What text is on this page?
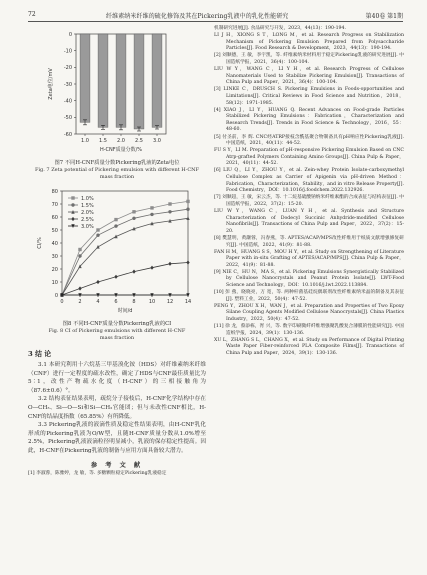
72	纤维素纳米纤维的硫化修饰及其在Pickering乳液中的乳化性能研究	第40卷 第1期
0
-10
-20
-30
-40
-50
-60
1.0 1.5 2.0 2.5 3.0
H-CNF质量分数/%
Zeta电位/mV
图7 不同H-CNF质量分数Pickering乳液的Zeta电位
Fig. 7 Zeta potential of Pickering emulsion with different H-CNF
mass fraction
0
10
20
30
40
50
60
70
80
0	2	4	6	8	10 12 14
1.0%
1.5%
2.0%
2.5%
3.0%
时间/d
CI/%
图8 不同H-CNF质量分数Pickering乳液的CI
Fig. 8 CI of Pickering emulsions with different H-CNF
mass fraction
3 结 论

3.1 本研究利用十六烷基三甲基溴化铵（HDS）对纤维素纳米纤维（CNF）进行一定程度的疏水改性，确定了HDS与CNF最佳质量比为5∶1，改性产物疏水化度（H-CNF）的三相接触角为（87.6±0.6）°。

3.2 结构表征结果表明，疏烷分子接枝后，H-CNF化学结构中存在O—CH₃、Si—O—Si和Si—CH₂官能团；但与未改性CNF相比，H-CNF的结晶度指数（65.85%）有所降低。

3.3 Pickering乳液的液滴性质及稳定性结果表明，由H-CNF乳化形成的Pickering乳液为O/W型，且随H-CNF质量分数从1.0%增至2.5%，Pickering乳液液滴粒径明显减小，乳液的保存稳定性提高。因此，H-CNF在Pickering乳液的制备与应用方面具备较大潜力。

参 考 文 献

[1] 李淑蓉，陈雅婷，龙 敏，等. 多糖颗粒稳定Pickering乳液稳定

机制研究进展[J]. 食品研究与开发，2023，44(13)：190-194.

LI J H，XIONG S T，LONG M，et al. Research Progress on Stabilization Mechanism of Pickering Emulsion Prepared from Polysaccharide Particles[J]. Food Research & Development，2023，44(13)：190-194.

[2] 刘顺德，王 敏，李宇凯，等. 纤维素纳米材料用于稳定Pickering乳液的研究进展[J]. 中国造纸学报，2021，36(4)：100-104.

LIU W Y，WANG C，LI Y H，et al. Research Progress of Cellulose Nanomaterials Used to Stabilize Pickering Emulsion[J]. Transactions of China Pulp and Paper，2021，36(4)：100-104.

[3] LINKE C，DRUSCH S. Pickering Emulsions in Foods-opportunities and Limitations[J]. Critical Reviews in Food Science and Nutrition，2018，58(12)：1971-1985.

[4] XIAO J，LI Y，HUANG Q. Recent Advances on Food-grade Particles Stabilized Pickering Emulsions：Fabrication，Characterization and Research Trends[J]. Trends in Food Science & Technology，2016，55：48-60.

[5] 付圣前，李 辉. CNC经ATRP接枝含酰基聚合物制备具有pH响应性Pickering乳液[J]. 中国造纸，2021，40(11)：44-52.

FU S Y，LI M. Preparation of pH-responsive Pickering Emulsion Based on CNC Atrp-grafted Polymers Containing Amino Groups[J]. China Pulp & Paper，2021，40(11)：44-52.

[6] LIU Q，LI Y，ZHOU Y，et al. Zein-whey Protein Isolate-carboxymethyl Cellulose Complex as Carrier of Apigenin via pH-driven Method：Fabrication，Characterization，Stability，and in vitro Release Property[J]. Food Chemistry，DOI：10.1016/j.foodchem.2022.132926.

[7] 刘顺超，王 敏，宋云杰，等. 十二烷基硫酸钠纳米纤维素酯的合成表征与结构表征[J]. 中国造纸学报，2022，37(2)：15-20.

LIU W Y，WANG C，LUAN Y H，et al. Synthesis and Structure Characterization of Dodecyl Succinic Anhydride-modified Cellulose Nanofibrils[J]. Transactions of China Pulp and Paper，2022，37(2)：15-20.

[8] 樊慧明，黄灏蓉，冯春燕，等. APTES/ACAP/MPS改性纤维用于纸质文献增强修复研究[J]. 中国造纸，2022，41(9)：81-88.

FAN H M，HUANG S S，MOU H Y，et al. Study on Strengthening of Literature Paper with in-situ Grafting of APTES/ACAP/MPS[J]. China Pulp & Paper，2022，41(9)：81-88.

[9] NIE C，HU N，MA S，et al. Pickering Emulsions Synergistically Stabilized by Cellulose Nanocrystals and Peanut Protein Isolate[J]. LWT-Food Science and Technology，DOI：10.1016/j.lwt.2022.113884.

[10] 彭 燕，晓晓亮，万 宽，等. 两种杆菌基硅烷偶联剂改性纤维素纳米晶的制备及其表征[J]. 塑料工业，2022，50(4)：47-52.

PENG Y，ZHOU X H，WAN J，et al. Preparation and Properties of Two Epoxy Silane Coupling Agents Modified Cellulose Nanocrystals[J]. China Plastics Industry，2022，50(4)：47-52.

[11] 徐 龙，蔡添栋，胥 兴，等. 数字印刷微纤纤维增强聚乳酸复合薄膜的性能研究[J]. 中国造纸学报，2024，39(1)：130-136.

XU L，ZHANG S L，CHANG X，et al. Study on Performance of Digital Printing Waste Paper Fiber-reinforced PLA Composite Films[J]. Transactions of China Pulp and Paper，2024，39(1)：130-136.
